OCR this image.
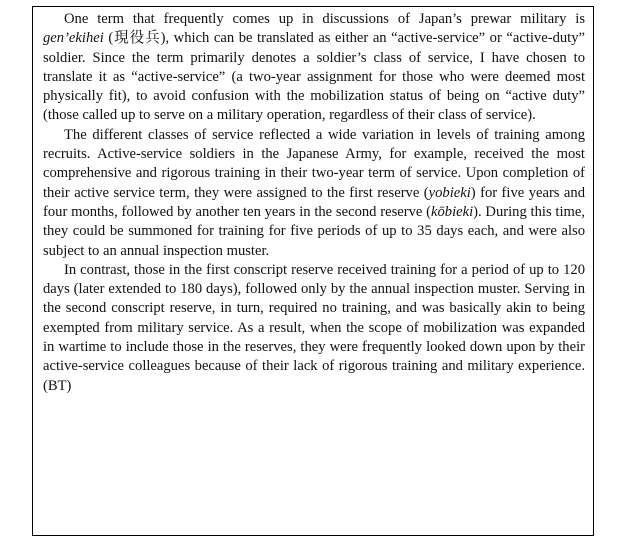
One term that frequently comes up in discussions of Japan’s prewar military is gen’ekihei (現役兵), which can be translated as either an “active-service” or “active-duty” soldier. Since the term primarily denotes a soldier’s class of service, I have chosen to translate it as “active-service” (a two-year assignment for those who were deemed most physically fit), to avoid confusion with the mobilization status of being on “active duty” (those called up to serve on a military operation, regardless of their class of service).

The different classes of service reflected a wide variation in levels of training among recruits. Active-service soldiers in the Japanese Army, for example, received the most comprehensive and rigorous training in their two-year term of service. Upon completion of their active service term, they were assigned to the first reserve (yobieki) for five years and four months, followed by another ten years in the second reserve (kōbieki). During this time, they could be summoned for training for five periods of up to 35 days each, and were also subject to an annual inspection muster.

In contrast, those in the first conscript reserve received training for a period of up to 120 days (later extended to 180 days), followed only by the annual inspection muster. Serving in the second conscript reserve, in turn, required no training, and was basically akin to being exempted from military service. As a result, when the scope of mobilization was expanded in wartime to include those in the reserves, they were frequently looked down upon by their active-service colleagues because of their lack of rigorous training and military experience. (BT)
